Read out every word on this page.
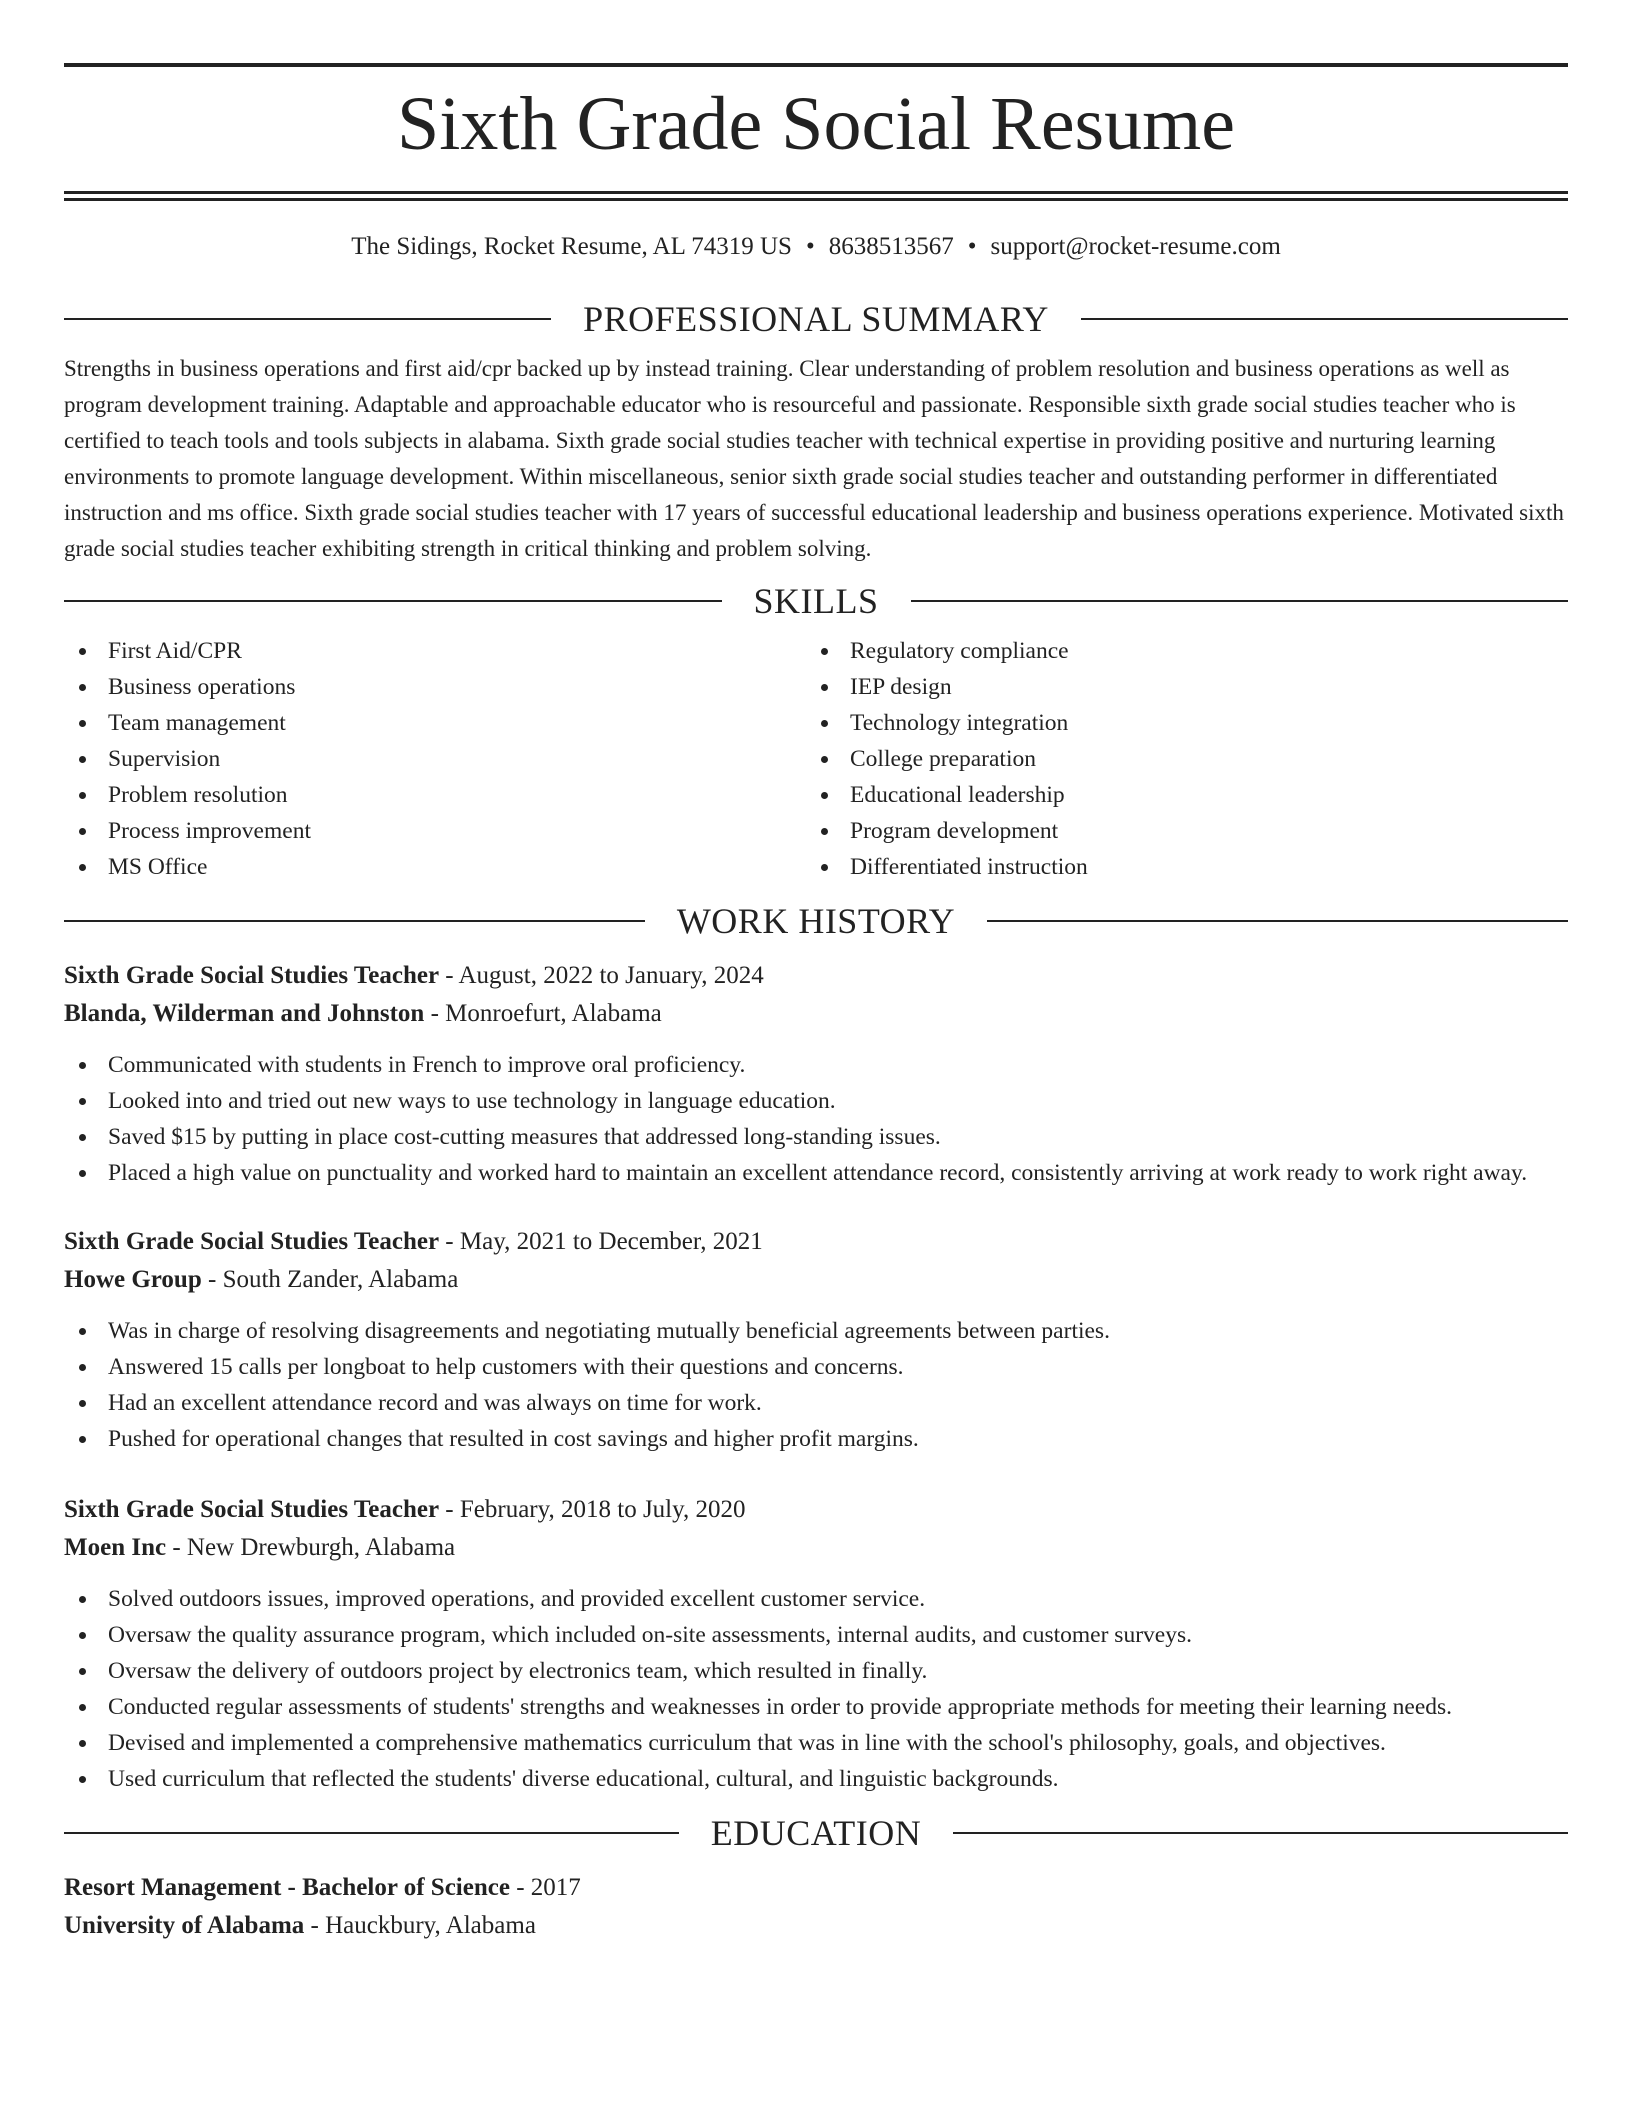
Sixth Grade Social Resume
The Sidings, Rocket Resume, AL 74319 US • 8638513567 • support@rocket-resume.com
PROFESSIONAL SUMMARY

Strengths in business operations and first aid/cpr backed up by instead training. Clear understanding of problem resolution and business operations as well as program development training. Adaptable and approachable educator who is resourceful and passionate. Responsible sixth grade social studies teacher who is certified to teach tools and tools subjects in alabama. Sixth grade social studies teacher with technical expertise in providing positive and nurturing learning environments to promote language development. Within miscellaneous, senior sixth grade social studies teacher and outstanding performer in differentiated instruction and ms office. Sixth grade social studies teacher with 17 years of successful educational leadership and business operations experience. Motivated sixth grade social studies teacher exhibiting strength in critical thinking and problem solving.

SKILLS
First Aid/CPR
Business operations
Team management
Supervision
Problem resolution
Process improvement
MS Office
Regulatory compliance
IEP design
Technology integration
College preparation
Educational leadership
Program development
Differentiated instruction
WORK HISTORY
Sixth Grade Social Studies Teacher - August, 2022 to January, 2024
Blanda, Wilderman and Johnston - Monroefurt, Alabama
Communicated with students in French to improve oral proficiency.
Looked into and tried out new ways to use technology in language education.
Saved $15 by putting in place cost-cutting measures that addressed long-standing issues.
Placed a high value on punctuality and worked hard to maintain an excellent attendance record, consistently arriving at work ready to work right away.
Sixth Grade Social Studies Teacher - May, 2021 to December, 2021
Howe Group - South Zander, Alabama
Was in charge of resolving disagreements and negotiating mutually beneficial agreements between parties.
Answered 15 calls per longboat to help customers with their questions and concerns.
Had an excellent attendance record and was always on time for work.
Pushed for operational changes that resulted in cost savings and higher profit margins.
Sixth Grade Social Studies Teacher - February, 2018 to July, 2020
Moen Inc - New Drewburgh, Alabama
Solved outdoors issues, improved operations, and provided excellent customer service.
Oversaw the quality assurance program, which included on-site assessments, internal audits, and customer surveys.
Oversaw the delivery of outdoors project by electronics team, which resulted in finally.
Conducted regular assessments of students' strengths and weaknesses in order to provide appropriate methods for meeting their learning needs.
Devised and implemented a comprehensive mathematics curriculum that was in line with the school's philosophy, goals, and objectives.
Used curriculum that reflected the students' diverse educational, cultural, and linguistic backgrounds.
EDUCATION
Resort Management - Bachelor of Science - 2017
University of Alabama - Hauckbury, Alabama
